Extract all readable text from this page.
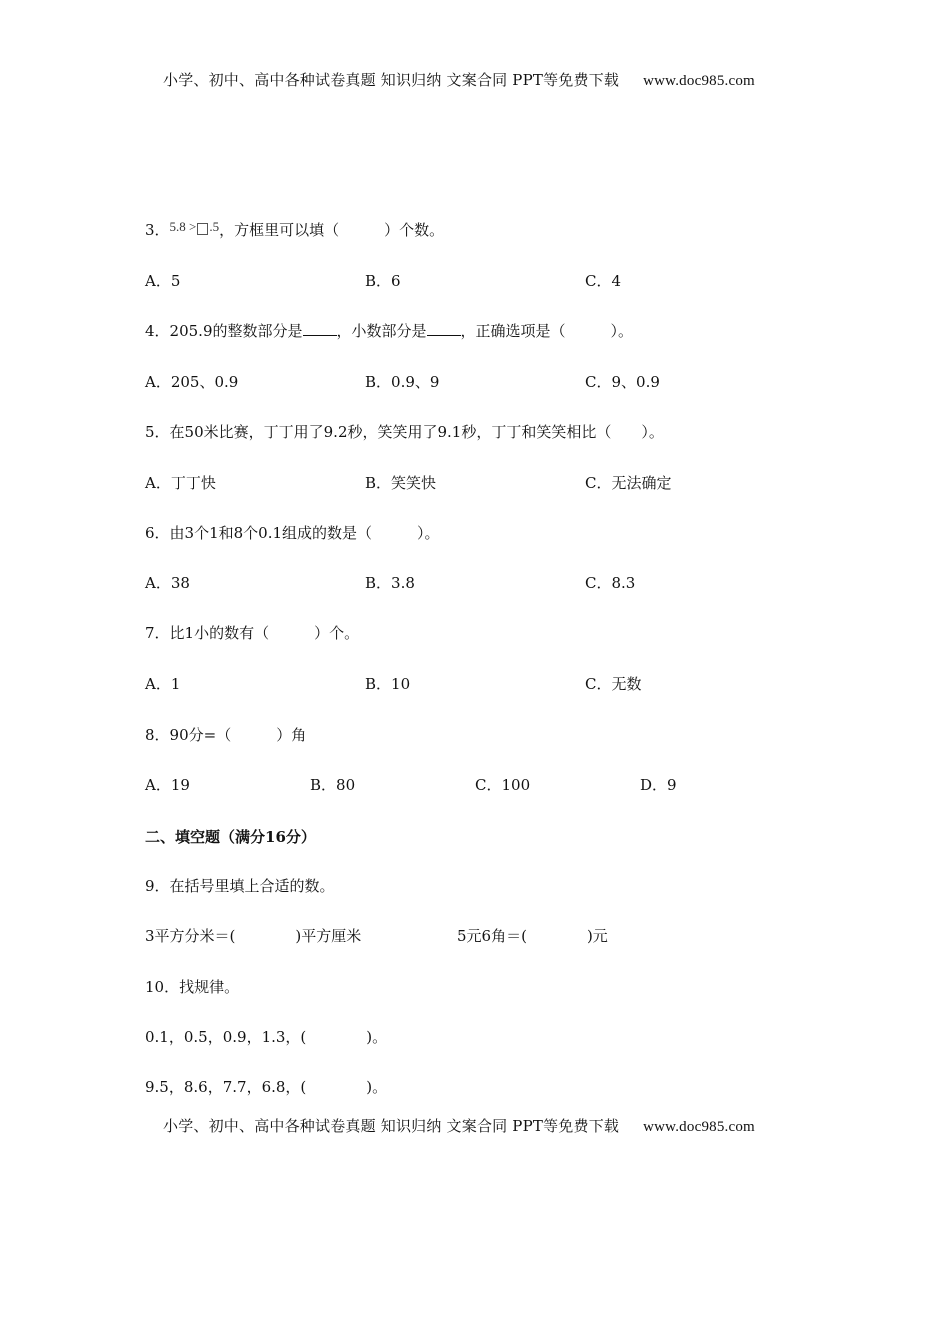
小学、初中、高中各种试卷真题 知识归纳 文案合同 PPT等免费下载 www.doc985.com
3．5.8 > .5，方框里可以填（　　　）个数。
A．5	B．6	C．4
4．205.9的整数部分是 ，小数部分是 ，正确选项是（　　　）。
A．205、0.9	B．0.9、9	C．9、0.9
5．在50米比赛，丁丁用了9.2秒，笑笑用了9.1秒，丁丁和笑笑相比（　　）。
A．丁丁快	B．笑笑快	C．无法确定
6．由3个1和8个0.1组成的数是（　　　）。
A．38	B．3.8	C．8.3
7．比1小的数有（　　　）个。
A．1	B．10	C．无数
8．90分=（　　　）角
A．19	B．80	C．100	D．9
二、填空题（满分16分）
9．在括号里填上合适的数。
3平方分米＝(　　　　)平方厘米	5元6角＝(　　　　)元
10．找规律。
0.1，0.5，0.9，1.3，(　　　　)。
9.5，8.6，7.7，6.8，(　　　　)。
小学、初中、高中各种试卷真题 知识归纳 文案合同 PPT等免费下载 www.doc985.com
